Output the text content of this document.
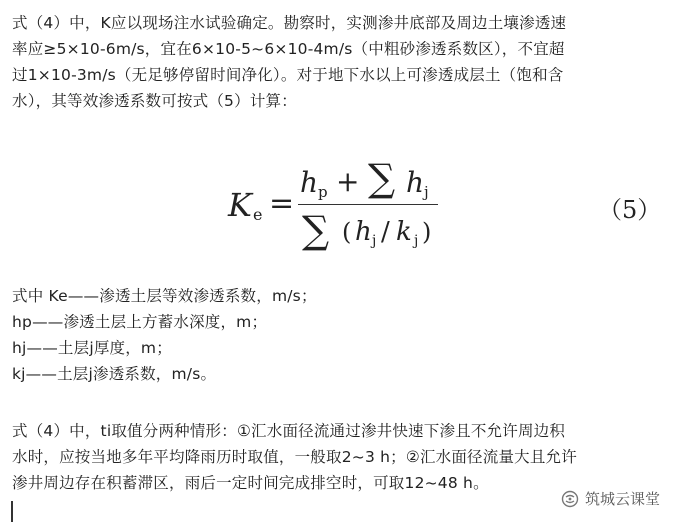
式（4）中，K应以现场注水试验确定。勘察时，实测渗井底部及周边土壤渗透速

率应≥5×10-6m/s，宜在6×10-5~6×10-4m/s（中粗砂渗透系数区），不宜超

过1×10-3m/s（无足够停留时间净化）。对于地下水以上可渗透成层土（饱和含

水），其等效渗透系数可按式（5）计算：

K e =
h p + ∑ h j
∑ ( h j / k j )
（5）

式中 Ke——渗透土层等效渗透系数，m/s；

hp——渗透土层上方蓄水深度，m；

hj——土层j厚度，m；

kj——土层j渗透系数，m/s。

式（4）中，ti取值分两种情形：①汇水面径流通过渗井快速下渗且不允许周边积

水时，应按当地多年平均降雨历时取值，一般取2~3 h；②汇水面径流量大且允许

渗井周边存在积蓄滞区，雨后一定时间完成排空时，可取12~48 h。

筑城云课堂
